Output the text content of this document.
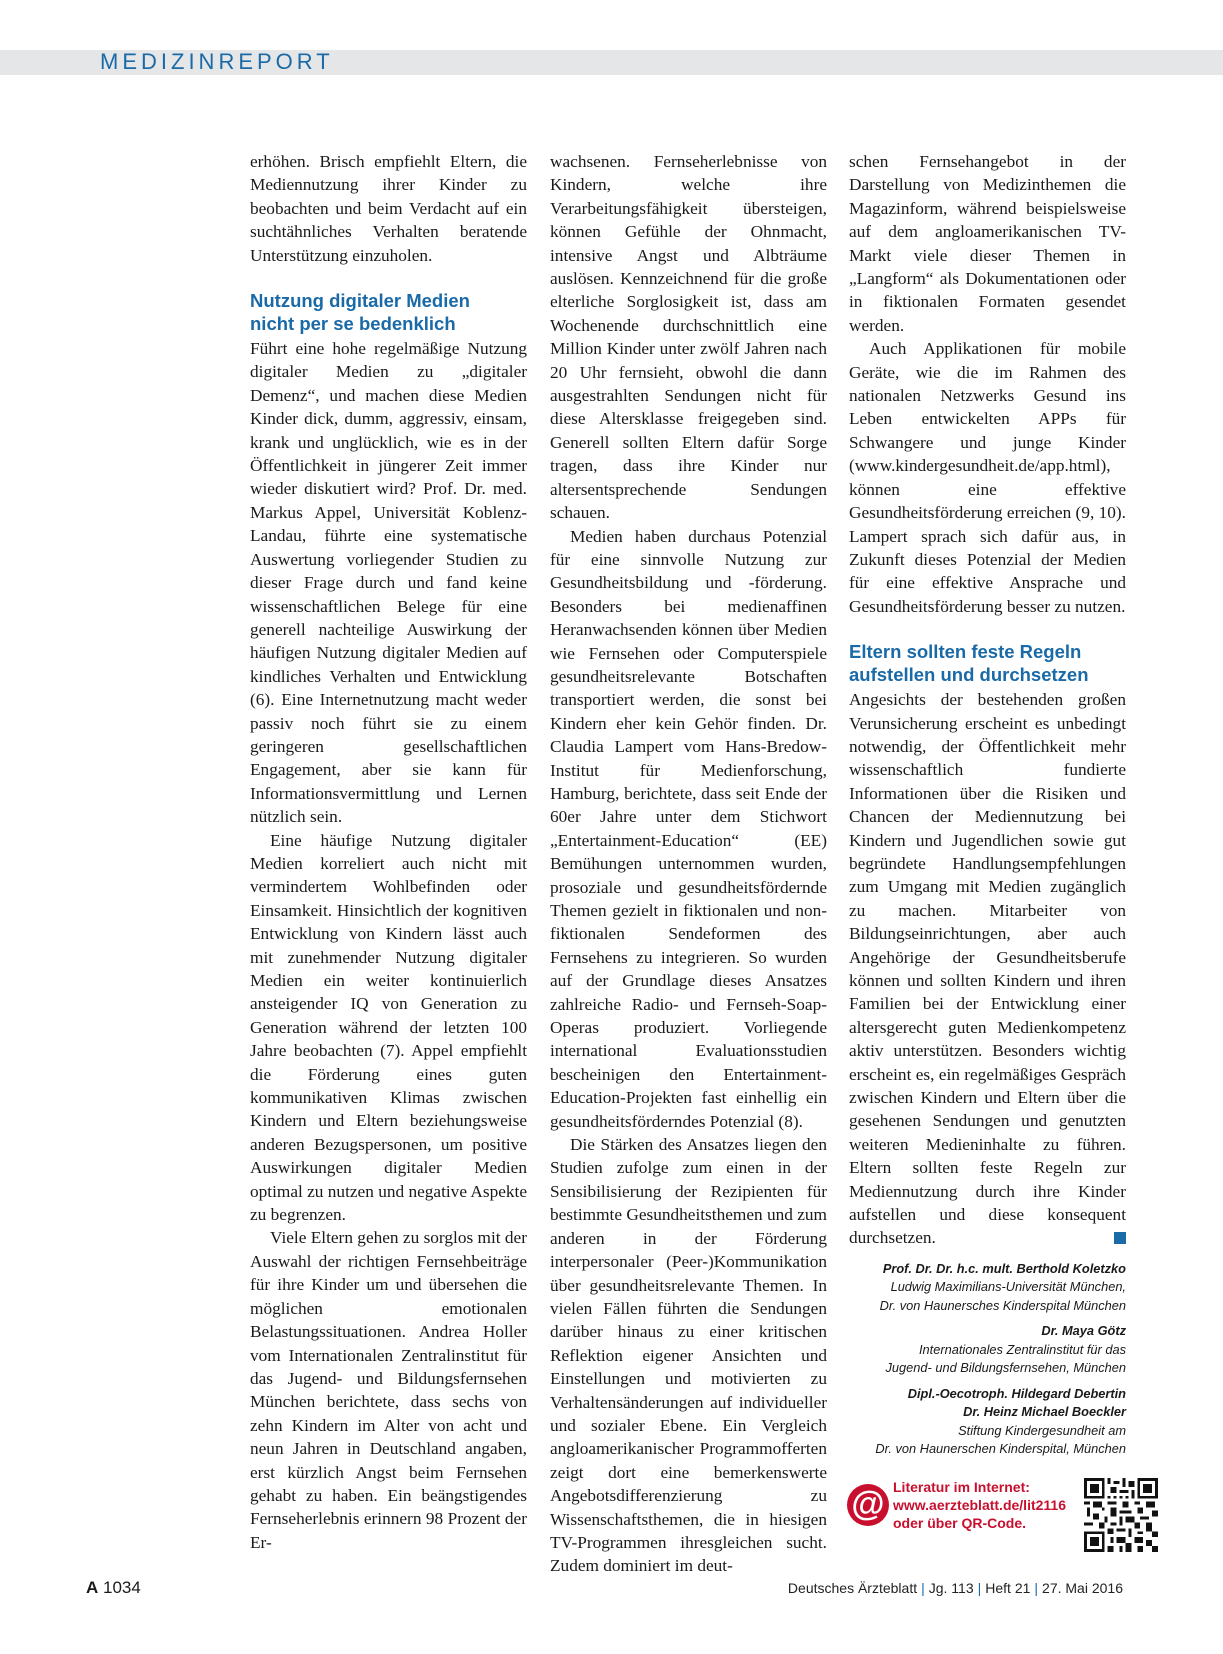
MEDIZINREPORT

erhöhen. Brisch empfiehlt Eltern, die Mediennutzung ihrer Kinder zu beobachten und beim Verdacht auf ein suchtähnliches Verhalten beratende Unterstützung einzuholen.

Nutzung digitaler Medien
nicht per se bedenklich

Führt eine hohe regelmäßige Nutzung digitaler Medien zu „digitaler Demenz“, und machen diese Medien Kinder dick, dumm, aggressiv, einsam, krank und unglücklich, wie es in der Öffentlichkeit in jüngerer Zeit immer wieder diskutiert wird? Prof. Dr. med. Markus Appel, Universität Koblenz-Landau, führte eine systematische Auswertung vorliegender Studien zu dieser Frage durch und fand keine wissenschaftlichen Belege für eine generell nachteilige Auswirkung der häufigen Nutzung digitaler Medien auf kindliches Verhalten und Entwicklung (6). Eine Internetnutzung macht weder passiv noch führt sie zu einem geringeren gesellschaftlichen Engagement, aber sie kann für Informationsvermittlung und Lernen nützlich sein.

Eine häufige Nutzung digitaler Medien korreliert auch nicht mit vermindertem Wohlbefinden oder Einsamkeit. Hinsichtlich der kognitiven Entwicklung von Kindern lässt auch mit zunehmender Nutzung digitaler Medien ein weiter kontinuierlich ansteigender IQ von Generation zu Generation während der letzten 100 Jahre beobachten (7). Appel empfiehlt die Förderung eines guten kommunikativen Klimas zwischen Kindern und Eltern beziehungsweise anderen Bezugspersonen, um positive Auswirkungen digitaler Medien optimal zu nutzen und negative Aspekte zu begrenzen.

Viele Eltern gehen zu sorglos mit der Auswahl der richtigen Fernsehbeiträge für ihre Kinder um und übersehen die möglichen emotionalen Belastungssituationen. Andrea Holler vom Internationalen Zentralinstitut für das Jugend- und Bildungsfernsehen München berichtete, dass sechs von zehn Kindern im Alter von acht und neun Jahren in Deutschland angaben, erst kürzlich Angst beim Fernsehen gehabt zu haben. Ein beängstigendes Fernseherlebnis erinnern 98 Prozent der Er-

wachsenen. Fernseherlebnisse von Kindern, welche ihre Verarbeitungsfähigkeit übersteigen, können Gefühle der Ohnmacht, intensive Angst und Albträume auslösen. Kennzeichnend für die große elterliche Sorglosigkeit ist, dass am Wochenende durchschnittlich eine Million Kinder unter zwölf Jahren nach 20 Uhr fernsieht, obwohl die dann ausgestrahlten Sendungen nicht für diese Altersklasse freigegeben sind. Generell sollten Eltern dafür Sorge tragen, dass ihre Kinder nur altersentsprechende Sendungen schauen.

Medien haben durchaus Potenzial für eine sinnvolle Nutzung zur Gesundheitsbildung und -förderung. Besonders bei medienaffinen Heranwachsenden können über Medien wie Fernsehen oder Computerspiele gesundheitsrelevante Botschaften transportiert werden, die sonst bei Kindern eher kein Gehör finden. Dr. Claudia Lampert vom Hans-Bredow-Institut für Medienforschung, Hamburg, berichtete, dass seit Ende der 60er Jahre unter dem Stichwort „Entertainment-Education“ (EE) Bemühungen unternommen wurden, prosoziale und gesundheitsfördernde Themen gezielt in fiktionalen und non-fiktionalen Sendeformen des Fernsehens zu integrieren. So wurden auf der Grundlage dieses Ansatzes zahlreiche Radio- und Fernseh-Soap-Operas produziert. Vorliegende international Evaluationsstudien bescheinigen den Entertainment-Education-Projekten fast einhellig ein gesundheitsförderndes Potenzial (8).

Die Stärken des Ansatzes liegen den Studien zufolge zum einen in der Sensibilisierung der Rezipienten für bestimmte Gesundheitsthemen und zum anderen in der Förderung interpersonaler (Peer-)Kommunikation über gesundheitsrelevante Themen. In vielen Fällen führten die Sendungen darüber hinaus zu einer kritischen Reflektion eigener Ansichten und Einstellungen und motivierten zu Verhaltensänderungen auf individueller und sozialer Ebene. Ein Vergleich angloamerikanischer Programmofferten zeigt dort eine bemerkenswerte Angebotsdifferenzierung zu Wissenschaftsthemen, die in hiesigen TV-Programmen ihresgleichen sucht. Zudem dominiert im deut-

schen Fernsehangebot in der Darstellung von Medizinthemen die Magazinform, während beispielsweise auf dem angloamerikanischen TV-Markt viele dieser Themen in „Langform“ als Dokumentationen oder in fiktionalen Formaten gesendet werden.

Auch Applikationen für mobile Geräte, wie die im Rahmen des nationalen Netzwerks Gesund ins Leben entwickelten APPs für Schwangere und junge Kinder (www.kindergesundheit.de/app.html), können eine effektive Gesundheitsförderung erreichen (9, 10). Lampert sprach sich dafür aus, in Zukunft dieses Potenzial der Medien für eine effektive Ansprache und Gesundheitsförderung besser zu nutzen.

Eltern sollten feste Regeln
aufstellen und durchsetzen

Angesichts der bestehenden großen Verunsicherung erscheint es unbedingt notwendig, der Öffentlichkeit mehr wissenschaftlich fundierte Informationen über die Risiken und Chancen der Mediennutzung bei Kindern und Jugendlichen sowie gut begründete Handlungsempfehlungen zum Umgang mit Medien zugänglich zu machen. Mitarbeiter von Bildungseinrichtungen, aber auch Angehörige der Gesundheitsberufe können und sollten Kindern und ihren Familien bei der Entwicklung einer altersgerecht guten Medienkompetenz aktiv unterstützen. Besonders wichtig erscheint es, ein regelmäßiges Gespräch zwischen Kindern und Eltern über die gesehenen Sendungen und genutzten weiteren Medieninhalte zu führen. Eltern sollten feste Regeln zur Mediennutzung durch ihre Kinder aufstellen und diese konsequent durchsetzen.

Prof. Dr. Dr. h.c. mult. Berthold Koletzko
Ludwig Maximilians-Universität München,
Dr. von Haunersches Kinderspital München
Dr. Maya Götz
Internationales Zentralinstitut für das
Jugend- und Bildungsfernsehen, München
Dipl.-Oecotroph. Hildegard Debertin
Dr. Heinz Michael Boeckler
Stiftung Kindergesundheit am
Dr. von Haunerschen Kinderspital, München
@ Literatur im Internet:
www.aerzteblatt.de/lit2116
oder über QR-Code.
A 1034	Deutsches Ärzteblatt | Jg. 113 | Heft 21 | 27. Mai 2016
